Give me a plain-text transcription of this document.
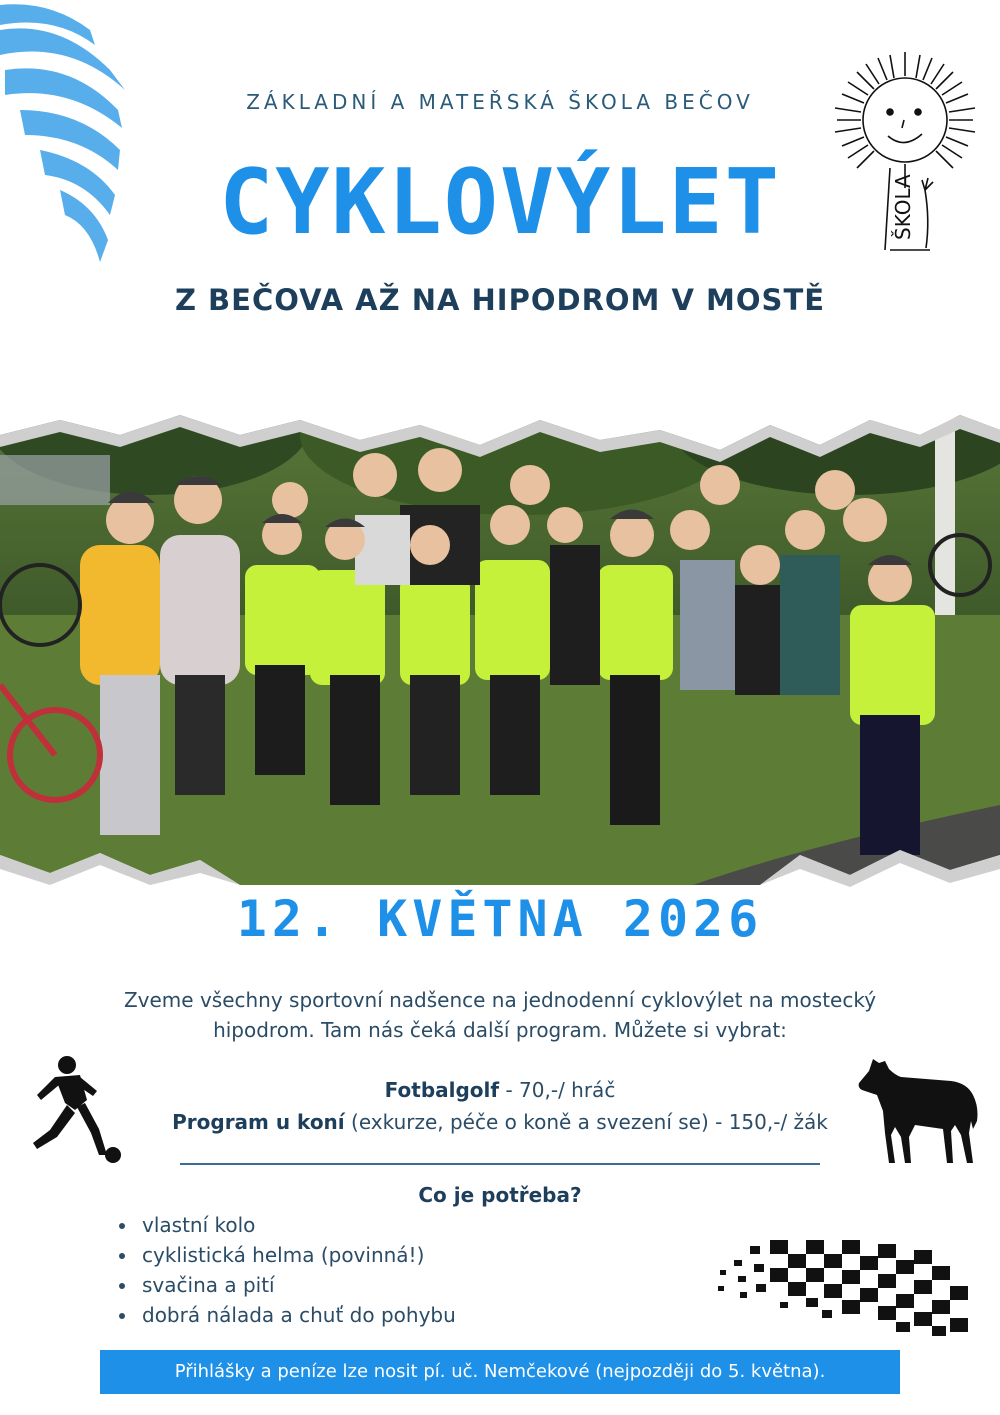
ŠKOLA
ZÁKLADNÍ A MATEŘSKÁ ŠKOLA BEČOV
CYKLOVÝLET
Z BEČOVA AŽ NA HIPODROM V MOSTĚ
12. KVĚTNA 2026
Zveme všechny sportovní nadšence na jednodenní cyklovýlet na mostecký hipodrom. Tam nás čeká další program. Můžete si vybrat:
Fotbalgolf - 70,-/ hráč
Program u koní (exkurze, péče o koně a svezení se) - 150,-/ žák
Co je potřeba?
• vlastní kolo
• cyklistická helma (povinná!)
• svačina a pití
• dobrá nálada a chuť do pohybu
Přihlášky a peníze lze nosit pí. uč. Nemčekové (nejpozději do 5. května).
